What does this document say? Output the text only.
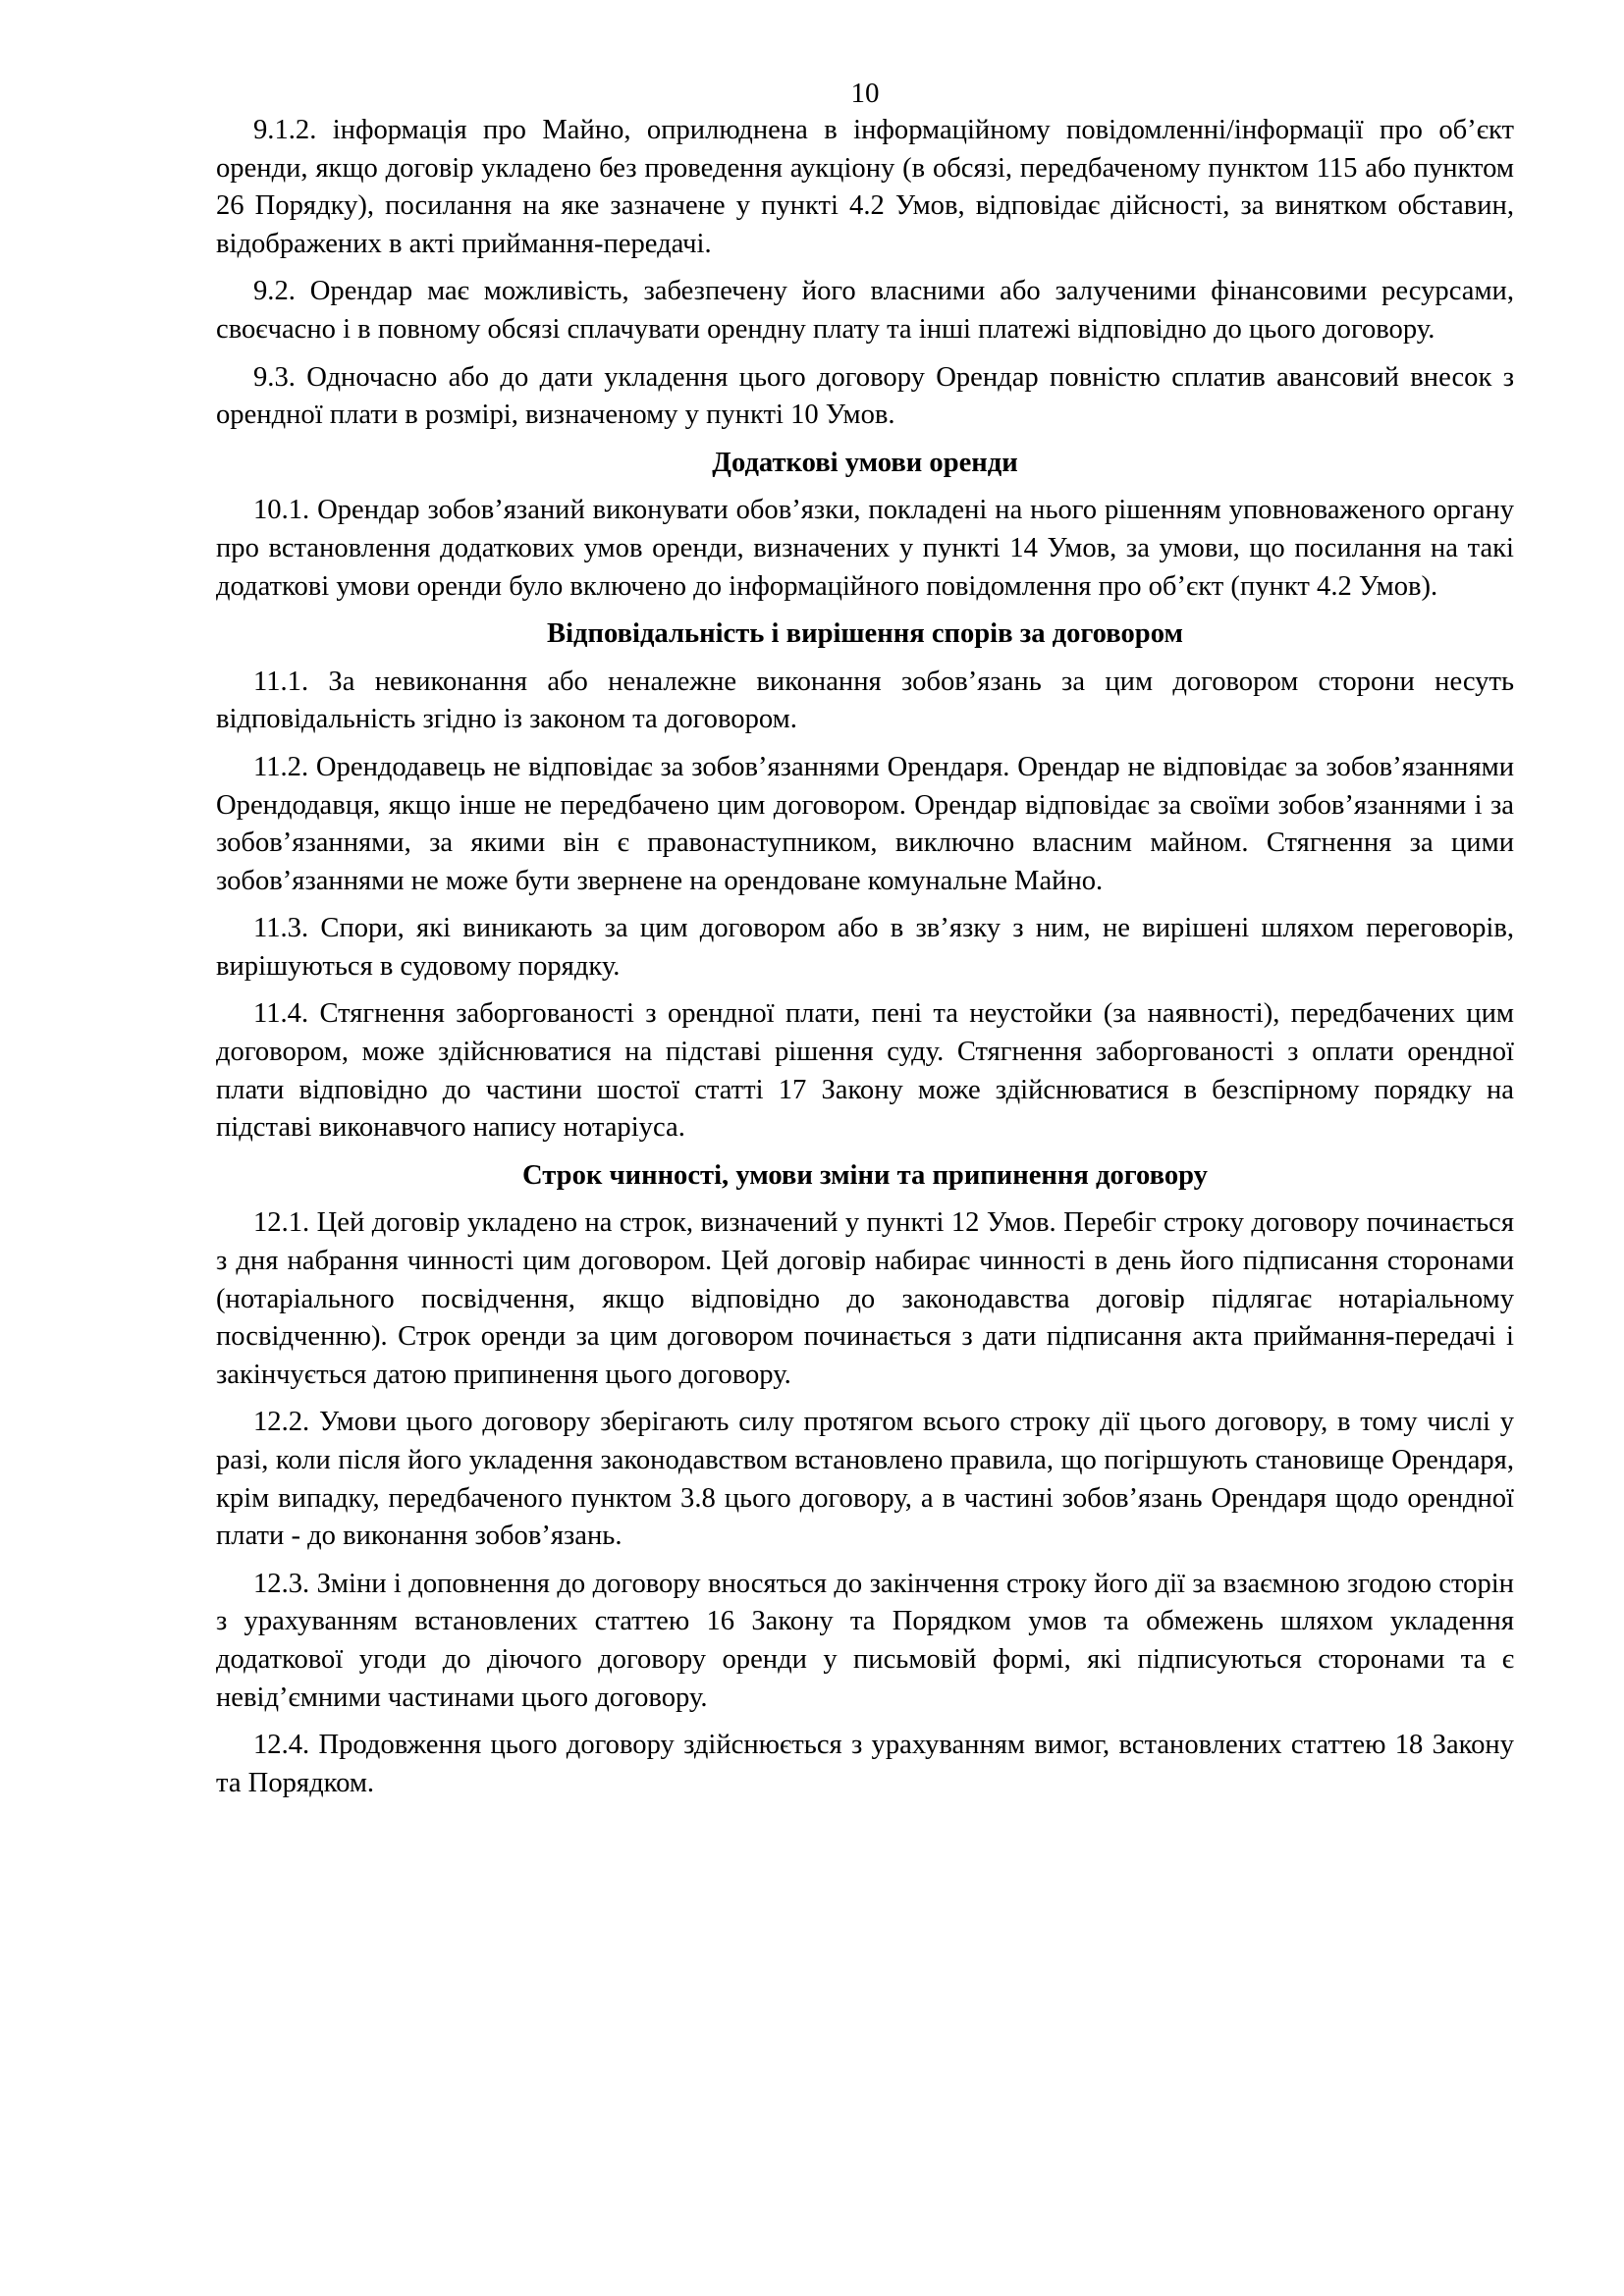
10

9.1.2. інформація про Майно, оприлюднена в інформаційному повідомленні/інформації про об’єкт оренди, якщо договір укладено без проведення аукціону (в обсязі, передбаченому пунктом 115 або пунктом 26 Порядку), посилання на яке зазначене у пункті 4.2 Умов, відповідає дійсності, за винятком обставин, відображених в акті приймання-передачі.

9.2. Орендар має можливість, забезпечену його власними або залученими фінансовими ресурсами, своєчасно і в повному обсязі сплачувати орендну плату та інші платежі відповідно до цього договору.

9.3. Одночасно або до дати укладення цього договору Орендар повністю сплатив авансовий внесок з орендної плати в розмірі, визначеному у пункті 10 Умов.

Додаткові умови оренди

10.1. Орендар зобов’язаний виконувати обов’язки, покладені на нього рішенням уповноваженого органу про встановлення додаткових умов оренди, визначених у пункті 14 Умов, за умови, що посилання на такі додаткові умови оренди було включено до інформаційного повідомлення про об’єкт (пункт 4.2 Умов).

Відповідальність і вирішення спорів за договором

11.1. За невиконання або неналежне виконання зобов’язань за цим договором сторони несуть відповідальність згідно із законом та договором.

11.2. Орендодавець не відповідає за зобов’язаннями Орендаря. Орендар не відповідає за зобов’язаннями Орендодавця, якщо інше не передбачено цим договором. Орендар відповідає за своїми зобов’язаннями і за зобов’язаннями, за якими він є правонаступником, виключно власним майном. Стягнення за цими зобов’язаннями не може бути звернене на орендоване комунальне Майно.

11.3. Спори, які виникають за цим договором або в зв’язку з ним, не вирішені шляхом переговорів, вирішуються в судовому порядку.

11.4. Стягнення заборгованості з орендної плати, пені та неустойки (за наявності), передбачених цим договором, може здійснюватися на підставі рішення суду. Стягнення заборгованості з оплати орендної плати відповідно до частини шостої статті 17 Закону може здійснюватися в безспірному порядку на підставі виконавчого напису нотаріуса.

Строк чинності, умови зміни та припинення договору

12.1. Цей договір укладено на строк, визначений у пункті 12 Умов. Перебіг строку договору починається з дня набрання чинності цим договором. Цей договір набирає чинності в день його підписання сторонами (нотаріального посвідчення, якщо відповідно до законодавства договір підлягає нотаріальному посвідченню). Строк оренди за цим договором починається з дати підписання акта приймання-передачі і закінчується датою припинення цього договору.

12.2. Умови цього договору зберігають силу протягом всього строку дії цього договору, в тому числі у разі, коли після його укладення законодавством встановлено правила, що погіршують становище Орендаря, крім випадку, передбаченого пунктом 3.8 цього договору, а в частині зобов’язань Орендаря щодо орендної плати - до виконання зобов’язань.

12.3. Зміни і доповнення до договору вносяться до закінчення строку його дії за взаємною згодою сторін з урахуванням встановлених статтею 16 Закону та Порядком умов та обмежень шляхом укладення додаткової угоди до діючого договору оренди у письмовій формі, які підписуються сторонами та є невід’ємними частинами цього договору.

12.4. Продовження цього договору здійснюється з урахуванням вимог, встановлених статтею 18 Закону та Порядком.
